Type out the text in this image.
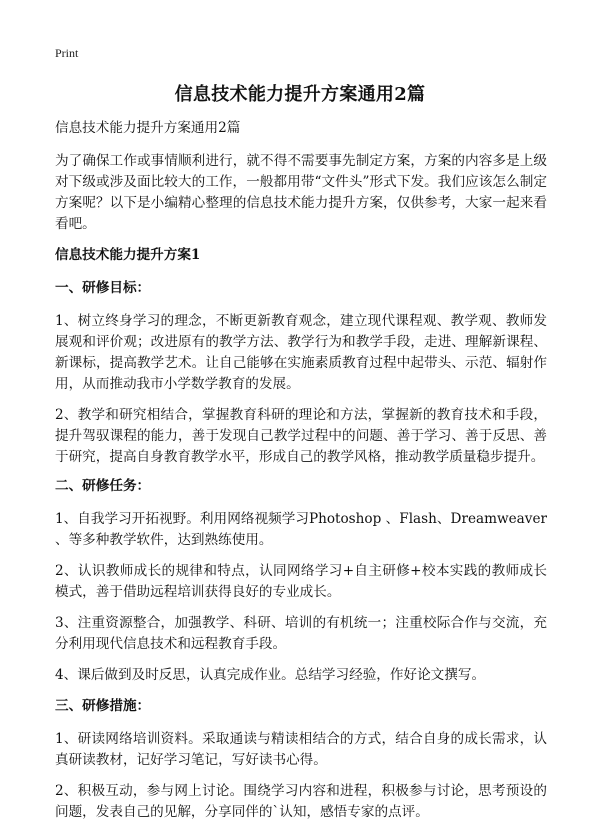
Print
信息技术能力提升方案通用2篇

信息技术能力提升方案通用2篇

为了确保工作或事情顺利进行，就不得不需要事先制定方案，方案的内容多是上级对下级或涉及面比较大的工作，一般都用带“文件头”形式下发。我们应该怎么制定方案呢？以下是小编精心整理的信息技术能力提升方案，仅供参考，大家一起来看看吧。

信息技术能力提升方案1

一、研修目标：

1、树立终身学习的理念，不断更新教育观念，建立现代课程观、教学观、教师发展观和评价观；改进原有的教学方法、教学行为和教学手段，走进、理解新课程、新课标，提高教学艺术。让自己能够在实施素质教育过程中起带头、示范、辐射作用，从而推动我市小学数学教育的发展。

2、教学和研究相结合，掌握教育科研的理论和方法，掌握新的教育技术和手段，提升驾驭课程的能力，善于发现自己教学过程中的问题、善于学习、善于反思、善于研究，提高自身教育教学水平，形成自己的教学风格，推动教学质量稳步提升。

二、研修任务：

1、自我学习开拓视野。利用网络视频学习Photoshop 、Flash、Dreamweaver 、等多种教学软件，达到熟练使用。

2、认识教师成长的规律和特点，认同网络学习+自主研修+校本实践的教师成长模式，善于借助远程培训获得良好的专业成长。

3、注重资源整合，加强教学、科研、培训的有机统一；注重校际合作与交流，充分利用现代信息技术和远程教育手段。

4、课后做到及时反思，认真完成作业。总结学习经验，作好论文撰写。

三、研修措施：

1、研读网络培训资料。采取通读与精读相结合的方式，结合自身的成长需求，认真研读教材，记好学习笔记，写好读书心得。

2、积极互动，参与网上讨论。围绕学习内容和进程，积极参与讨论，思考预设的问题，发表自己的见解，分享同伴的`认知，感悟专家的点评。
